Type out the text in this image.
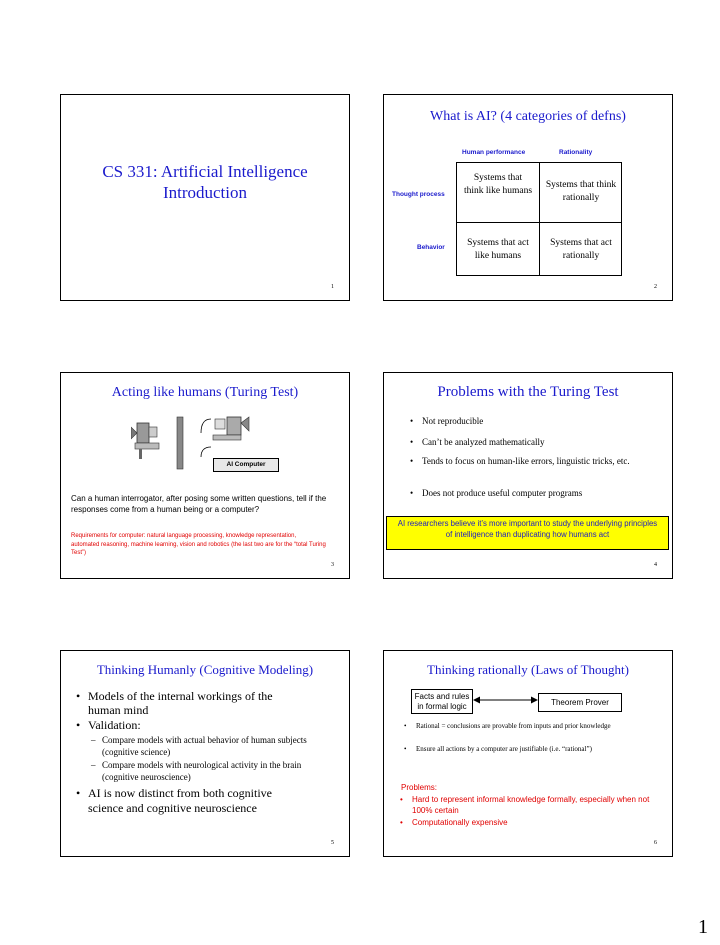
CS 331: Artificial Intelligence
Introduction
1
What is AI? (4 categories of defns)
Human performance	Rationality
Thought process
Behavior
Systems that think like humans
Systems that think rationally
Systems that act like humans
Systems that act rationally
2
Acting like humans (Turing Test)
AI Computer
Can a human interrogator, after posing some written questions, tell if the responses come from a human being or a computer?
Requirements for computer: natural language processing, knowledge representation, automated reasoning, machine learning, vision and robotics (the last two are for the “total Turing Test”)
3
Problems with the Turing Test
• Not reproducible
• Can’t be analyzed mathematically
• Tends to focus on human-like errors, linguistic tricks, etc.
• Does not produce useful computer programs
AI researchers believe it’s more important to study the underlying principles of intelligence than duplicating how humans act
4
Thinking Humanly (Cognitive Modeling)
• Models of the internal workings of the human mind
• Validation:
– Compare models with actual behavior of human subjects (cognitive science)
– Compare models with neurological activity in the brain (cognitive neuroscience)
• AI is now distinct from both cognitive science and cognitive neuroscience
5
Thinking rationally (Laws of Thought)
Facts and rules in formal logic	Theorem Prover
• Rational = conclusions are provable from inputs and prior knowledge
• Ensure all actions by a computer are justifiable (i.e. “rational”)
Problems:
• Hard to represent informal knowledge formally, especially when not 100% certain
• Computationally expensive
6
1
